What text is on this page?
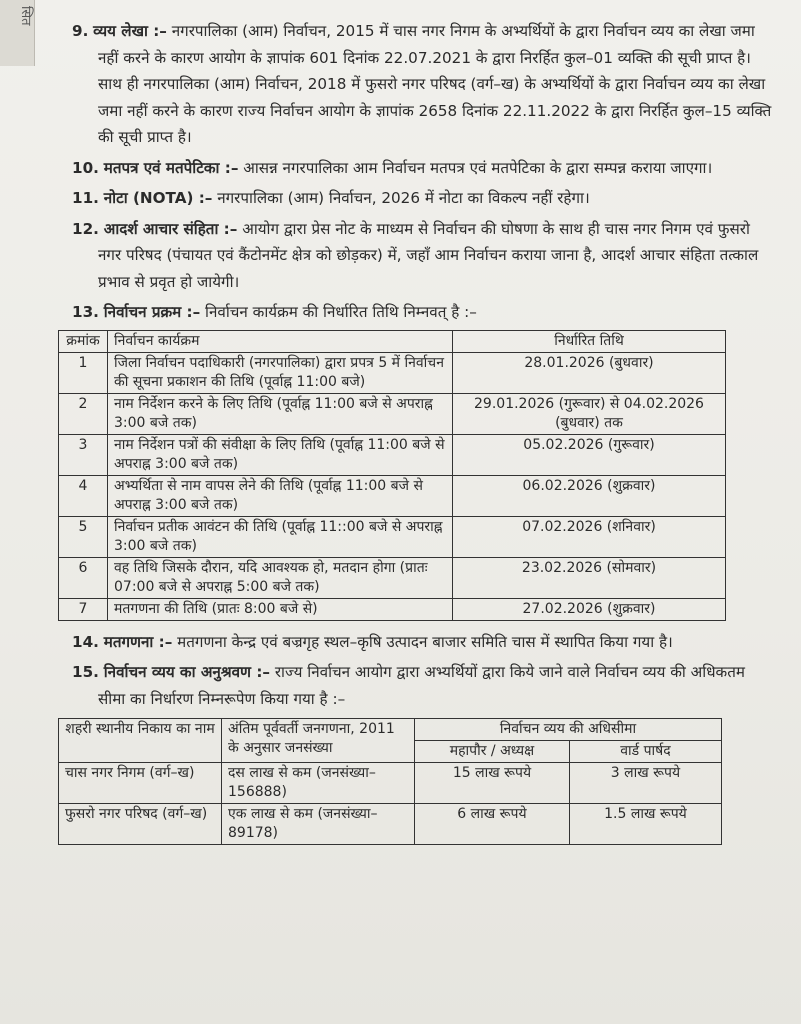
सित

9. व्यय लेखा :– नगरपालिका (आम) निर्वाचन, 2015 में चास नगर निगम के अभ्यर्थियों के द्वारा निर्वाचन व्यय का लेखा जमा नहीं करने के कारण आयोग के ज्ञापांक 601 दिनांक 22.07.2021 के द्वारा निरर्हित कुल–01 व्यक्ति की सूची प्राप्त है। साथ ही नगरपालिका (आम) निर्वाचन, 2018 में फुसरो नगर परिषद (वर्ग–ख) के अभ्यर्थियों के द्वारा निर्वाचन व्यय का लेखा जमा नहीं करने के कारण राज्य निर्वाचन आयोग के ज्ञापांक 2658 दिनांक 22.11.2022 के द्वारा निरर्हित कुल–15 व्यक्ति की सूची प्राप्त है।

10. मतपत्र एवं मतपेटिका :– आसन्न नगरपालिका आम निर्वाचन मतपत्र एवं मतपेटिका के द्वारा सम्पन्न कराया जाएगा।

11. नोटा (NOTA) :– नगरपालिका (आम) निर्वाचन, 2026 में नोटा का विकल्प नहीं रहेगा।

12. आदर्श आचार संहिता :– आयोग द्वारा प्रेस नोट के माध्यम से निर्वाचन की घोषणा के साथ ही चास नगर निगम एवं फुसरो नगर परिषद (पंचायत एवं कैंटोनमेंट क्षेत्र को छोड़कर) में, जहाँ आम निर्वाचन कराया जाना है, आदर्श आचार संहिता तत्काल प्रभाव से प्रवृत हो जायेगी।

13. निर्वाचन प्रक्रम :– निर्वाचन कार्यक्रम की निर्धारित तिथि निम्नवत् है :–

क्रमांक	निर्वाचन कार्यक्रम	निर्धारित तिथि
1	जिला निर्वाचन पदाधिकारी (नगरपालिका) द्वारा प्रपत्र 5 में निर्वाचन की सूचना प्रकाशन की तिथि (पूर्वाह्न 11:00 बजे)	28.01.2026 (बुधवार)
2	नाम निर्देशन करने के लिए तिथि (पूर्वाह्न 11:00 बजे से अपराह्न 3:00 बजे तक)	29.01.2026 (गुरूवार) से 04.02.2026 (बुधवार) तक
3	नाम निर्देशन पत्रों की संवीक्षा के लिए तिथि (पूर्वाह्न 11:00 बजे से अपराह्न 3:00 बजे तक)	05.02.2026 (गुरूवार)
4	अभ्यर्थिता से नाम वापस लेने की तिथि (पूर्वाह्न 11:00 बजे से अपराह्न 3:00 बजे तक)	06.02.2026 (शुक्रवार)
5	निर्वाचन प्रतीक आवंटन की तिथि (पूर्वाह्न 11::00 बजे से अपराह्न 3:00 बजे तक)	07.02.2026 (शनिवार)
6	वह तिथि जिसके दौरान, यदि आवश्यक हो, मतदान होगा (प्रातः 07:00 बजे से अपराह्न 5:00 बजे तक)	23.02.2026 (सोमवार)
7	मतगणना की तिथि (प्रातः 8:00 बजे से)	27.02.2026 (शुक्रवार)

14. मतगणना :– मतगणना केन्द्र एवं बज्रगृह स्थल–कृषि उत्पादन बाजार समिति चास में स्थापित किया गया है।

15. निर्वाचन व्यय का अनुश्रवण :– राज्य निर्वाचन आयोग द्वारा अभ्यर्थियों द्वारा किये जाने वाले निर्वाचन व्यय की अधिकतम सीमा का निर्धारण निम्नरूपेण किया गया है :–

शहरी स्थानीय निकाय का नाम	अंतिम पूर्ववर्ती जनगणना, 2011 के अनुसार जनसंख्या	निर्वाचन व्यय की अधिसीमा	
		महापौर / अध्यक्ष	वार्ड पार्षद
चास नगर निगम (वर्ग–ख)	दस लाख से कम (जनसंख्या–156888)	15 लाख रूपये	3 लाख रूपये
फुसरो नगर परिषद (वर्ग–ख)	एक लाख से कम (जनसंख्या–89178)	6 लाख रूपये	1.5 लाख रूपये
